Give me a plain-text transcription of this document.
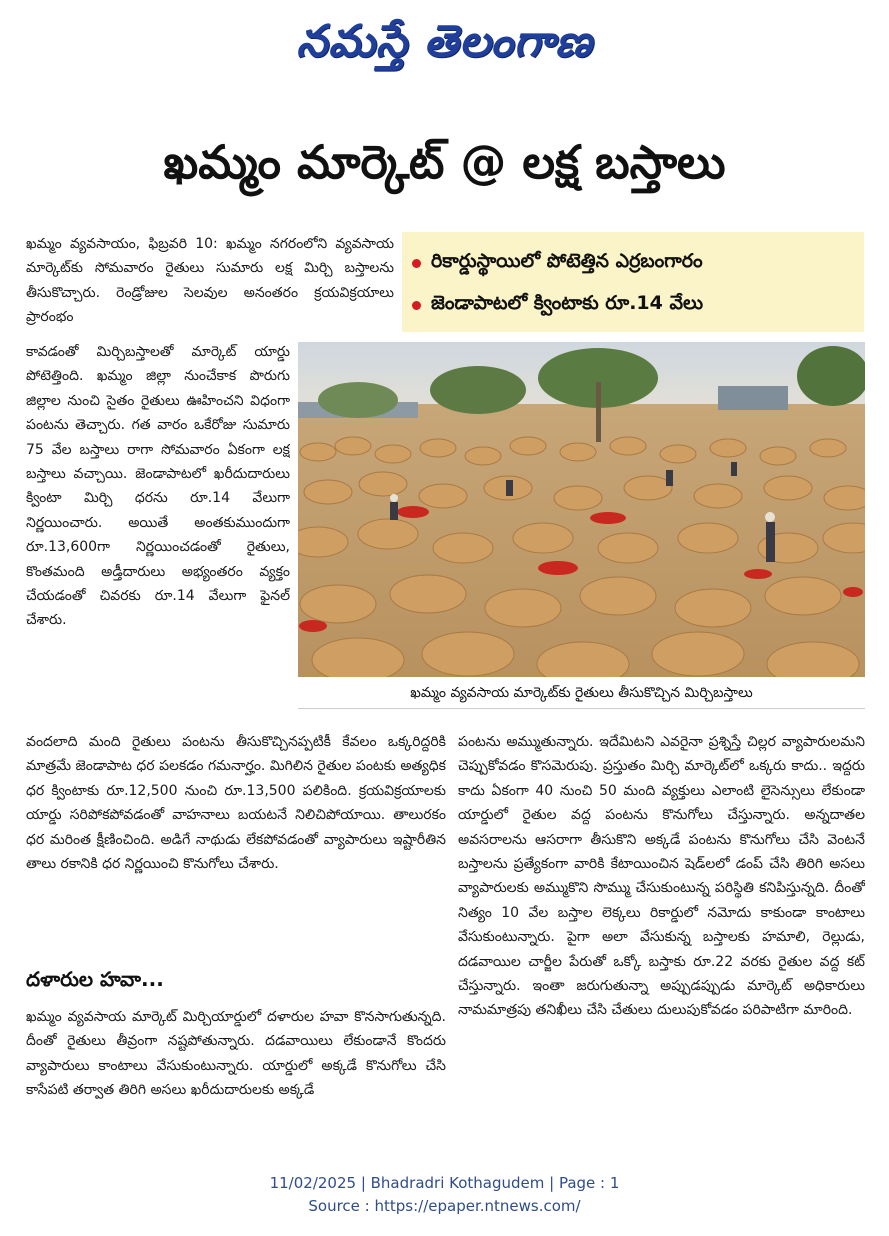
నమస్తే తెలంగాణ
ఖమ్మం మార్కెట్ @ లక్ష బస్తాలు
రికార్డుస్థాయిలో పోటెత్తిన ఎర్రబంగారం
జెండాపాటలో క్వింటాకు రూ.14 వేలు

ఖమ్మం వ్యవసాయం, ఫిబ్రవరి 10: ఖమ్మం నగరంలోని వ్యవసాయ మార్కెట్‌కు సోమవారం రైతులు సుమారు లక్ష మిర్చి బస్తాలను తీసుకొచ్చారు. రెండ్రోజుల సెలవుల అనంతరం క్రయవిక్రయాలు ప్రారంభం

కావడంతో మిర్చిబస్తాలతో మార్కెట్ యార్డు పోటెత్తింది. ఖమ్మం జిల్లా నుంచేకాక పొరుగు జిల్లాల నుంచి సైతం రైతులు ఊహించని విధంగా పంటను తెచ్చారు. గత వారం ఒకేరోజు సుమారు 75 వేల బస్తాలు రాగా సోమవారం ఏకంగా లక్ష బస్తాలు వచ్చాయి. జెండాపాటలో ఖరీదుదారులు క్వింటా మిర్చి ధరను రూ.14 వేలుగా నిర్ణయించారు. అయితే అంతకుముందుగా రూ.13,600గా నిర్ణయించడంతో రైతులు, కొంతమంది అడ్తీదారులు అభ్యంతరం వ్యక్తం చేయడంతో చివరకు రూ.14 వేలుగా ఫైనల్ చేశారు.

ఖమ్మం వ్యవసాయ మార్కెట్‌కు రైతులు తీసుకొచ్చిన మిర్చిబస్తాలు

వందలాది మంది రైతులు పంటను తీసుకొచ్చినప్పటికీ కేవలం ఒక్కరిద్దరికి మాత్రమే జెండాపాట ధర పలకడం గమనార్హం. మిగిలిన రైతుల పంటకు అత్యధిక ధర క్వింటాకు రూ.12,500 నుంచి రూ.13,500 పలికింది. క్రయవిక్రయాలకు యార్డు సరిపోకపోవడంతో వాహనాలు బయటనే నిలిచిపోయాయి. తాలురకం ధర మరింత క్షీణించింది. అడిగే నాథుడు లేకపోవడంతో వ్యాపారులు ఇష్టారీతిన తాలు రకానికి ధర నిర్ణయించి కొనుగోలు చేశారు.

దళారుల హవా...

ఖమ్మం వ్యవసాయ మార్కెట్ మిర్చియార్డులో దళారుల హవా కొనసాగుతున్నది. దీంతో రైతులు తీవ్రంగా నష్టపోతున్నారు. దడవాయిలు లేకుండానే కొందరు వ్యాపారులు కాంటాలు వేసుకుంటున్నారు. యార్డులో అక్కడే కొనుగోలు చేసి కాసేపటి తర్వాత తిరిగి అసలు ఖరీదుదారులకు అక్కడే

పంటను అమ్ముతున్నారు. ఇదేమిటని ఎవరైనా ప్రశ్నిస్తే చిల్లర వ్యాపారులమని చెప్పుకోవడం కొసమెరుపు. ప్రస్తుతం మిర్చి మార్కెట్‌లో ఒక్కరు కాదు.. ఇద్దరు కాదు ఏకంగా 40 నుంచి 50 మంది వ్యక్తులు ఎలాంటి లైసెన్సులు లేకుండా యార్డులో రైతుల వద్ద పంటను కొనుగోలు చేస్తున్నారు. అన్నదాతల అవసరాలను ఆసరాగా తీసుకొని అక్కడే పంటను కొనుగోలు చేసి వెంటనే బస్తాలను ప్రత్యేకంగా వారికి కేటాయించిన షెడ్‌లలో డంప్ చేసి తిరిగి అసలు వ్యాపారులకు అమ్ముకొని సొమ్ము చేసుకుంటున్న పరిస్థితి కనిపిస్తున్నది. దీంతో నిత్యం 10 వేల బస్తాల లెక్కలు రికార్డులో నమోదు కాకుండా కాంటాలు వేసుకుంటున్నారు. పైగా అలా వేసుకున్న బస్తాలకు హమాలి, రెల్లుడు, దడవాయిల చార్జీల పేరుతో ఒక్కో బస్తాకు రూ.22 వరకు రైతుల వద్ద కట్ చేస్తున్నారు. ఇంతా జరుగుతున్నా అప్పుడప్పుడు మార్కెట్ అధికారులు నామమాత్రపు తనిఖీలు చేసి చేతులు దులుపుకోవడం పరిపాటిగా మారింది.

11/02/2025 | Bhadradri Kothagudem | Page : 1
Source : https://epaper.ntnews.com/
